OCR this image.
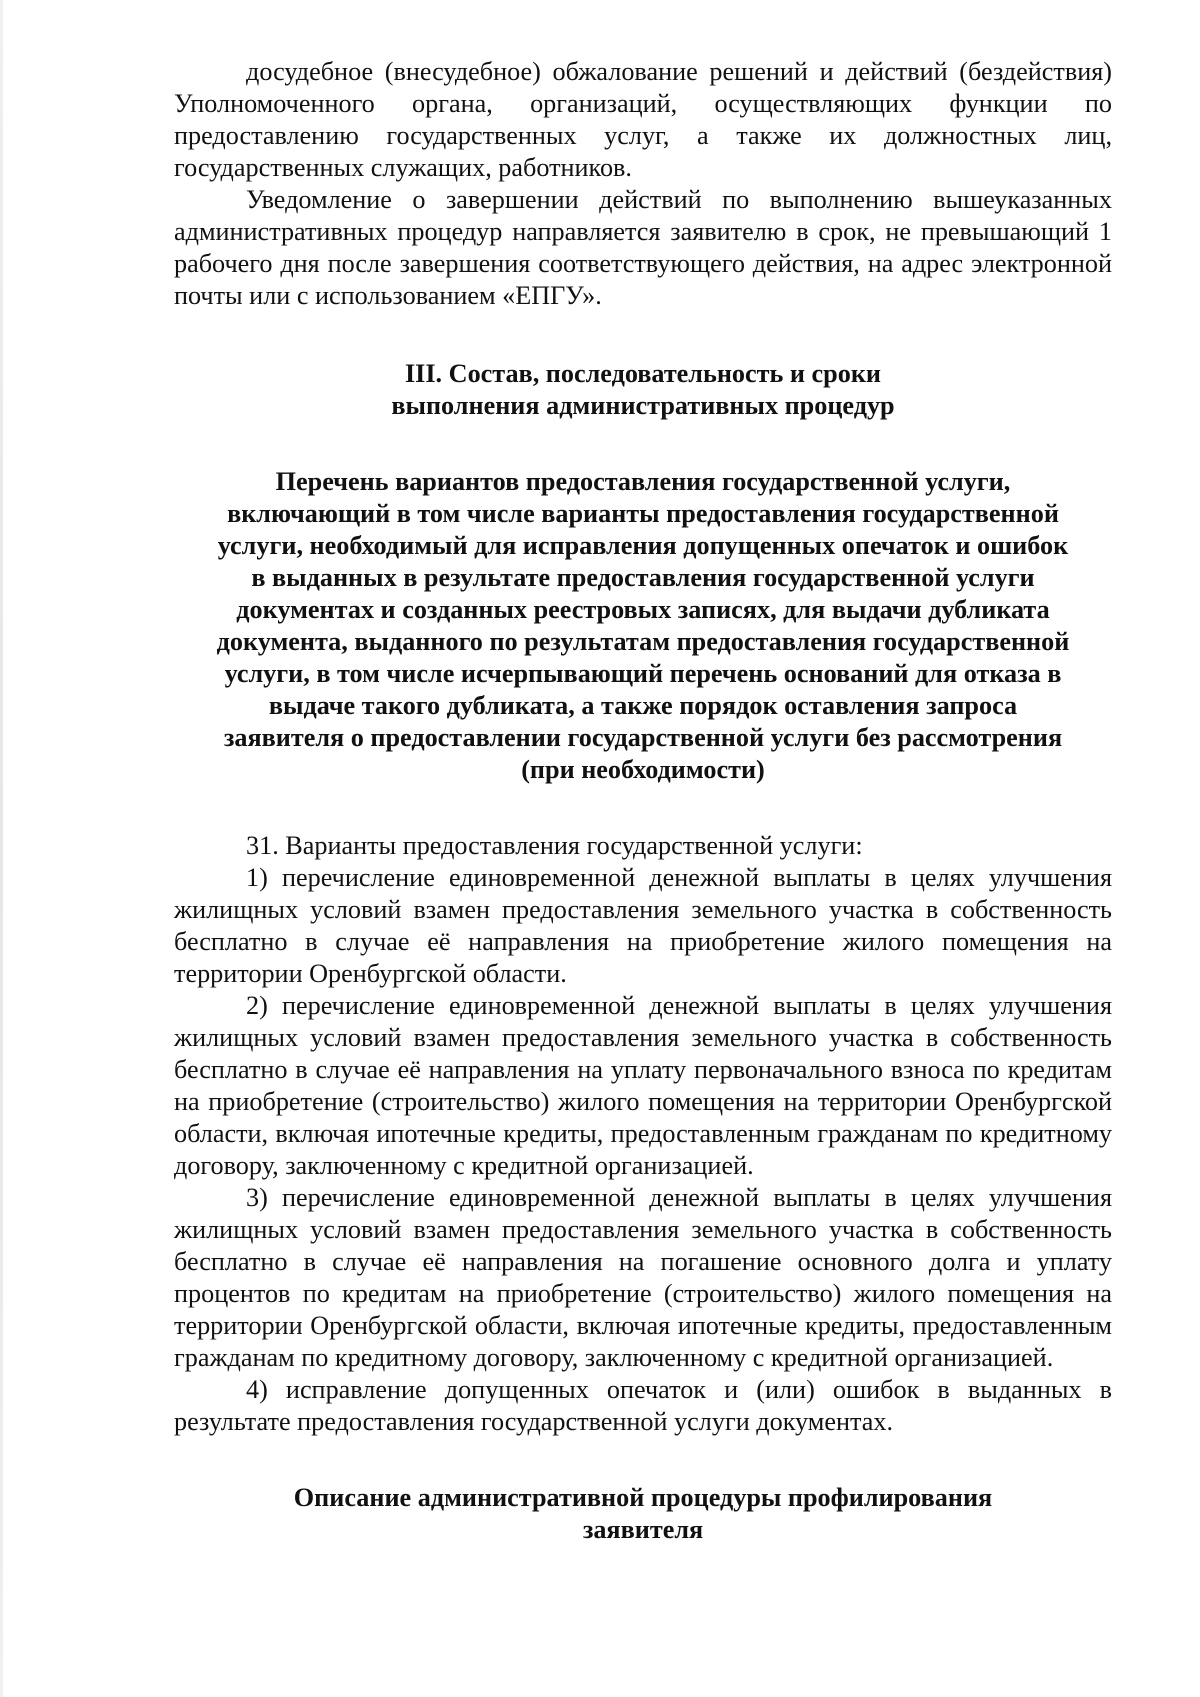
досудебное (внесудебное) обжалование решений и действий (бездействия) Уполномоченного органа, организаций, осуществляющих функции по предоставлению государственных услуг, а также их должностных лиц, государственных служащих, работников.

Уведомление о завершении действий по выполнению вышеуказанных административных процедур направляется заявителю в срок, не превышающий 1 рабочего дня после завершения соответствующего действия, на адрес электронной почты или с использованием «ЕПГУ».

III. Состав, последовательность и сроки
выполнения административных процедур
Перечень вариантов предоставления государственной услуги,
включающий в том числе варианты предоставления государственной
услуги, необходимый для исправления допущенных опечаток и ошибок
в выданных в результате предоставления государственной услуги
документах и созданных реестровых записях, для выдачи дубликата
документа, выданного по результатам предоставления государственной
услуги, в том числе исчерпывающий перечень оснований для отказа в
выдаче такого дубликата, а также порядок оставления запроса
заявителя о предоставлении государственной услуги без рассмотрения
(при необходимости)

31. Варианты предоставления государственной услуги:

1) перечисление единовременной денежной выплаты в целях улучшения жилищных условий взамен предоставления земельного участка в собственность бесплатно в случае её направления на приобретение жилого помещения на территории Оренбургской области.

2) перечисление единовременной денежной выплаты в целях улучшения жилищных условий взамен предоставления земельного участка в собственность бесплатно в случае её направления на уплату первоначального взноса по кредитам на приобретение (строительство) жилого помещения на территории Оренбургской области, включая ипотечные кредиты, предоставленным гражданам по кредитному договору, заключенному с кредитной организацией.

3) перечисление единовременной денежной выплаты в целях улучшения жилищных условий взамен предоставления земельного участка в собственность бесплатно в случае её направления на погашение основного долга и уплату процентов по кредитам на приобретение (строительство) жилого помещения на территории Оренбургской области, включая ипотечные кредиты, предоставленным гражданам по кредитному договору, заключенному с кредитной организацией.

4) исправление допущенных опечаток и (или) ошибок в выданных в результате предоставления государственной услуги документах.

Описание административной процедуры профилирования
заявителя
